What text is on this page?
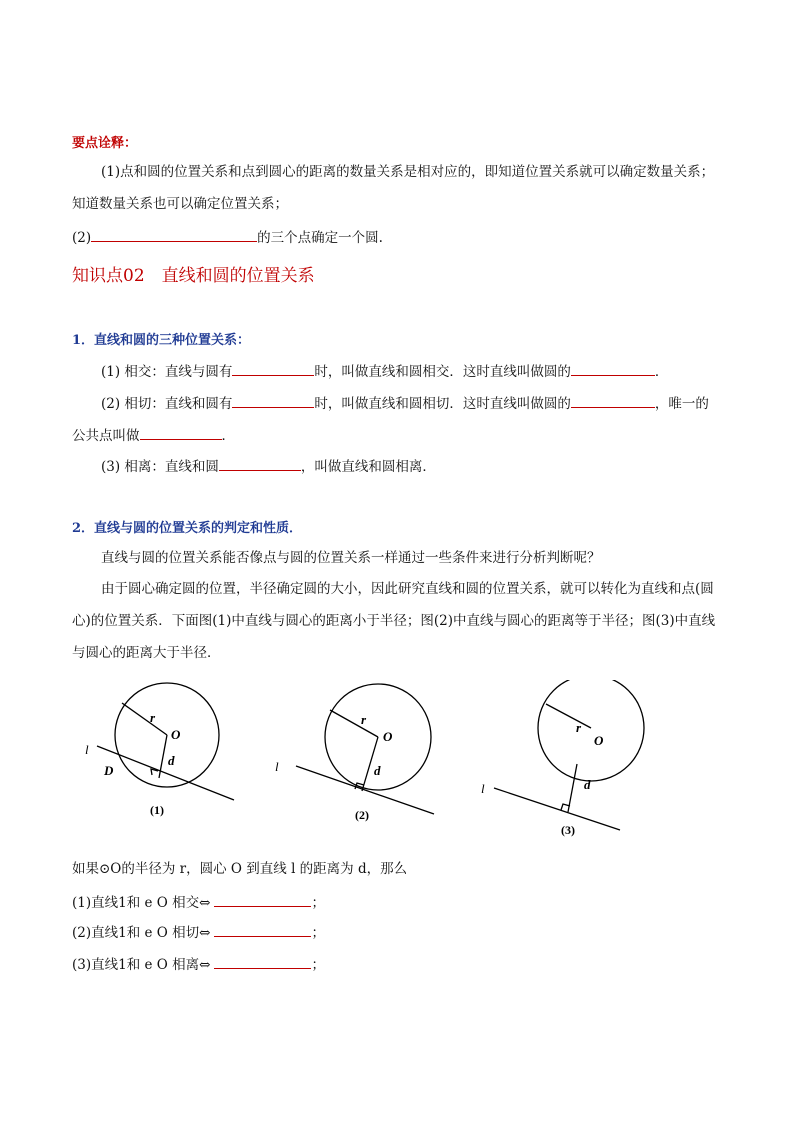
要点诠释：
(1)点和圆的位置关系和点到圆心的距离的数量关系是相对应的，即知道位置关系就可以确定数量关系；
知道数量关系也可以确定位置关系；
(2)	的三个点确定一个圆.
知识点02　直线和圆的位置关系
1．直线和圆的三种位置关系：
(1) 相交：直线与圆有	时，叫做直线和圆相交．这时直线叫做圆的	．
(2) 相切：直线和圆有	时，叫做直线和圆相切．这时直线叫做圆的	，唯一的
公共点叫做	．
(3) 相离：直线和圆	，叫做直线和圆相离．
2．直线与圆的位置关系的判定和性质．
直线与圆的位置关系能否像点与圆的位置关系一样通过一些条件来进行分析判断呢？
由于圆心确定圆的位置，半径确定圆的大小，因此研究直线和圆的位置关系，就可以转化为直线和点(圆
心)的位置关系．下面图(1)中直线与圆心的距离小于半径；图(2)中直线与圆心的距离等于半径；图(3)中直线
与圆心的距离大于半径．
l
D
O
r
d
(1)
l
O
r
d
(2)
l
O
r
d
(3)
如果⊙O的半径为 r，圆心 O 到直线 l 的距离为 d，那么
(1)直线1和 e O 相交⇔	；
(2)直线1和 e O 相切⇔	；
(3)直线1和 e O 相离⇔	；
